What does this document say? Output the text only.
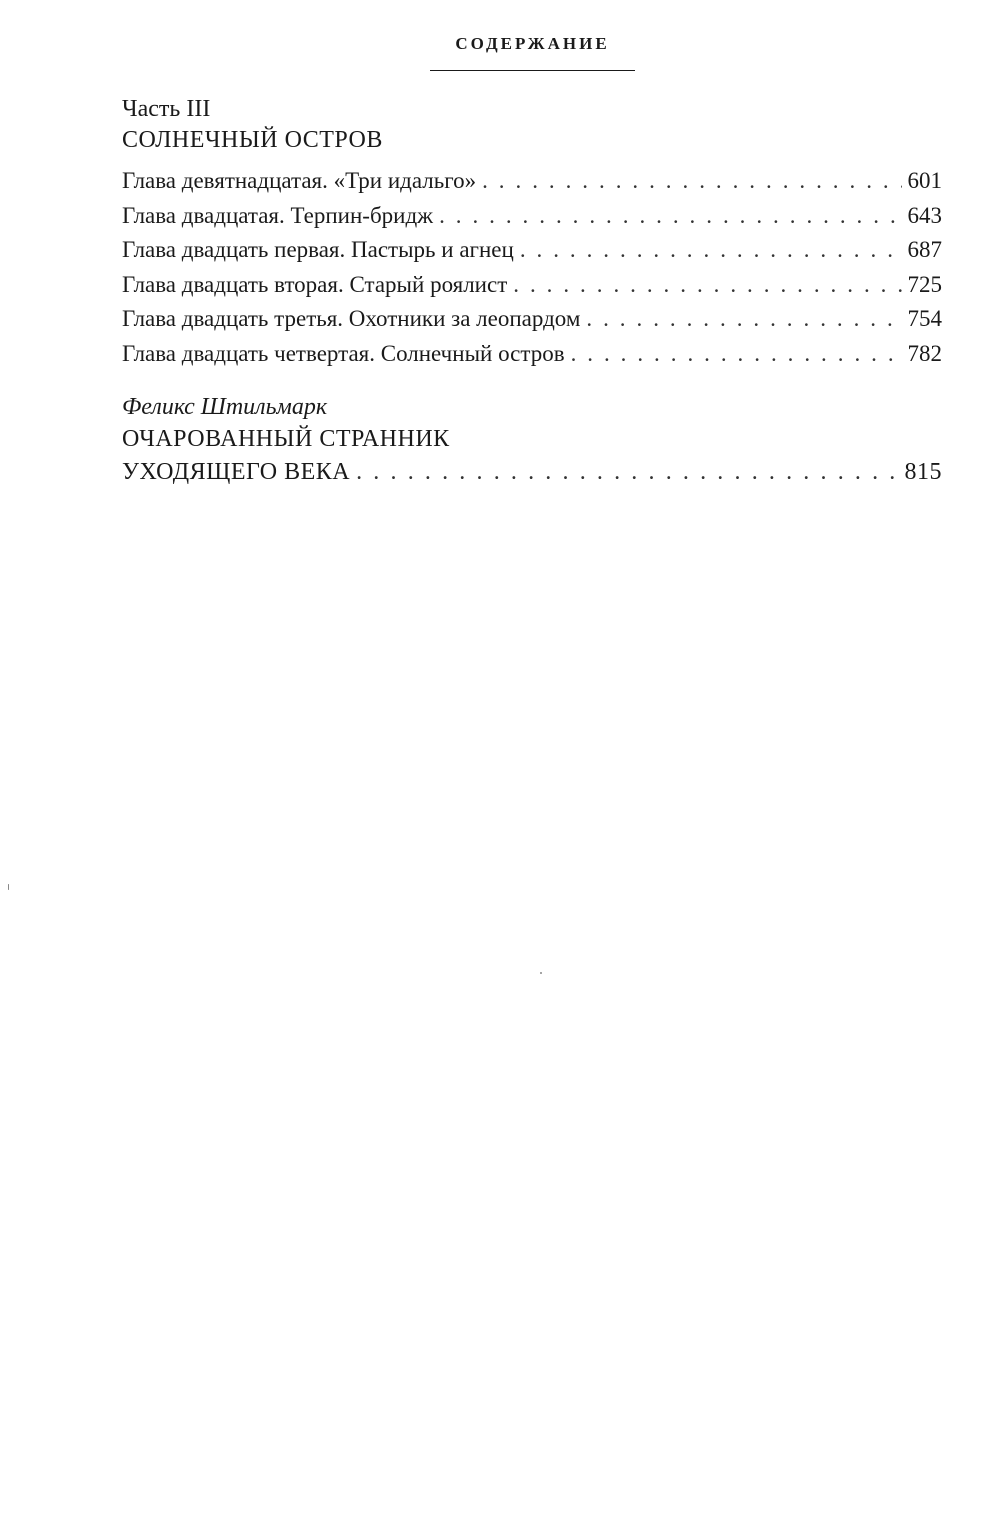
СОДЕРЖАНИЕ
Часть III
СОЛНЕЧНЫЙ ОСТРОВ
Глава девятнадцатая. «Три идальго» . . .	601
Глава двадцатая. Терпин-бридж . . .	643
Глава двадцать первая. Пастырь и агнец . . .	687
Глава двадцать вторая. Старый роялист . . .	725
Глава двадцать третья. Охотники за леопардом . . .	754
Глава двадцать четвертая. Солнечный остров . . .	782
Феликс Штильмарк
ОЧАРОВАННЫЙ СТРАННИК
УХОДЯЩЕГО ВЕКА . . .	815
